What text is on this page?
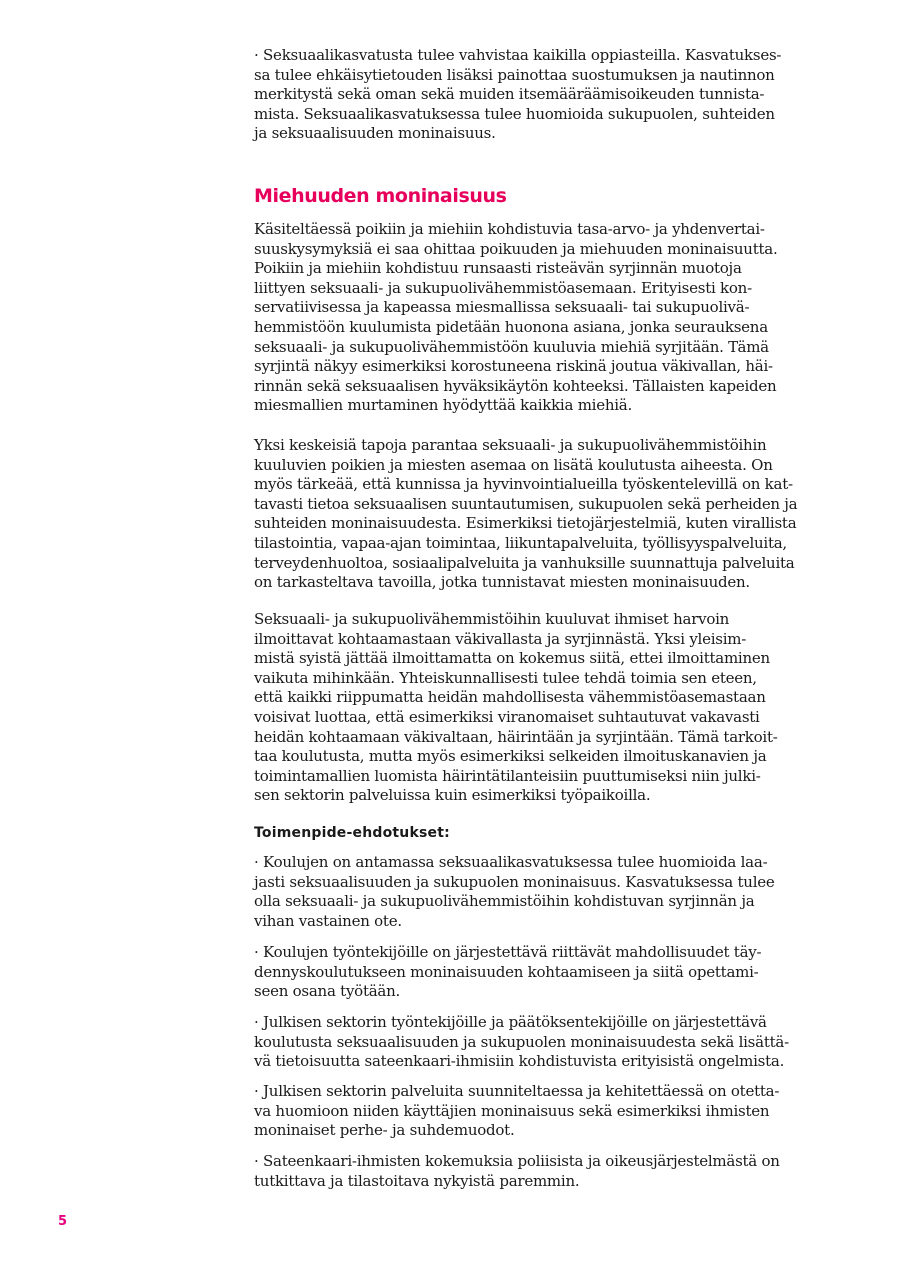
· Seksuaalikasvatusta tulee vahvistaa kaikilla oppiasteilla. Kasvatukses-
sa tulee ehkäisytietouden lisäksi painottaa suostumuksen ja nautinnon
merkitystä sekä oman sekä muiden itsemääräämisoikeuden tunnista-
mista. Seksuaalikasvatuksessa tulee huomioida sukupuolen, suhteiden
ja seksuaalisuuden moninaisuus.
Miehuuden moninaisuus
Käsiteltäessä poikiin ja miehiin kohdistuvia tasa-arvo- ja yhdenvertai-
suuskysymyksiä ei saa ohittaa poikuuden ja miehuuden moninaisuutta.
Poikiin ja miehiin kohdistuu runsaasti risteävän syrjinnän muotoja
liittyen seksuaali- ja sukupuolivähemmistöasemaan. Erityisesti kon-
servatiivisessa ja kapeassa miesmallissa seksuaali- tai sukupuolivä-
hemmistöön kuulumista pidetään huonona asiana, jonka seurauksena
seksuaali- ja sukupuolivähemmistöön kuuluvia miehiä syrjitään. Tämä
syrjintä näkyy esimerkiksi korostuneena riskinä joutua väkivallan, häi-
rinnän sekä seksuaalisen hyväksikäytön kohteeksi. Tällaisten kapeiden
miesmallien murtaminen hyödyttää kaikkia miehiä.
Yksi keskeisiä tapoja parantaa seksuaali- ja sukupuolivähemmistöihin
kuuluvien poikien ja miesten asemaa on lisätä koulutusta aiheesta. On
myös tärkeää, että kunnissa ja hyvinvointialueilla työskentelevillä on kat-
tavasti tietoa seksuaalisen suuntautumisen, sukupuolen sekä perheiden ja
suhteiden moninaisuudesta. Esimerkiksi tietojärjestelmiä, kuten virallista
tilastointia, vapaa-ajan toimintaa, liikuntapalveluita, työllisyyspalveluita,
terveydenhuoltoa, sosiaalipalveluita ja vanhuksille suunnattuja palveluita
on tarkasteltava tavoilla, jotka tunnistavat miesten moninaisuuden.
Seksuaali- ja sukupuolivähemmistöihin kuuluvat ihmiset harvoin
ilmoittavat kohtaamastaan väkivallasta ja syrjinnästä. Yksi yleisim-
mistä syistä jättää ilmoittamatta on kokemus siitä, ettei ilmoittaminen
vaikuta mihinkään. Yhteiskunnallisesti tulee tehdä toimia sen eteen,
että kaikki riippumatta heidän mahdollisesta vähemmistöasemastaan
voisivat luottaa, että esimerkiksi viranomaiset suhtautuvat vakavasti
heidän kohtaamaan väkivaltaan, häirintään ja syrjintään. Tämä tarkoit-
taa koulutusta, mutta myös esimerkiksi selkeiden ilmoituskanavien ja
toimintamallien luomista häirintätilanteisiin puuttumiseksi niin julki-
sen sektorin palveluissa kuin esimerkiksi työpaikoilla.
Toimenpide-ehdotukset:
· Koulujen on antamassa seksuaalikasvatuksessa tulee huomioida laa-
jasti seksuaalisuuden ja sukupuolen moninaisuus. Kasvatuksessa tulee
olla seksuaali- ja sukupuolivähemmistöihin kohdistuvan syrjinnän ja
vihan vastainen ote.
· Koulujen työntekijöille on järjestettävä riittävät mahdollisuudet täy-
dennyskoulutukseen moninaisuuden kohtaamiseen ja siitä opettami-
seen osana työtään.
· Julkisen sektorin työntekijöille ja päätöksentekijöille on järjestettävä
koulutusta seksuaalisuuden ja sukupuolen moninaisuudesta sekä lisättä-
vä tietoisuutta sateenkaari-ihmisiin kohdistuvista erityisistä ongelmista.
· Julkisen sektorin palveluita suunniteltaessa ja kehitettäessä on otetta-
va huomioon niiden käyttäjien moninaisuus sekä esimerkiksi ihmisten
moninaiset perhe- ja suhdemuodot.
· Sateenkaari-ihmisten kokemuksia poliisista ja oikeusjärjestelmästä on
tutkittava ja tilastoitava nykyistä paremmin.
5
